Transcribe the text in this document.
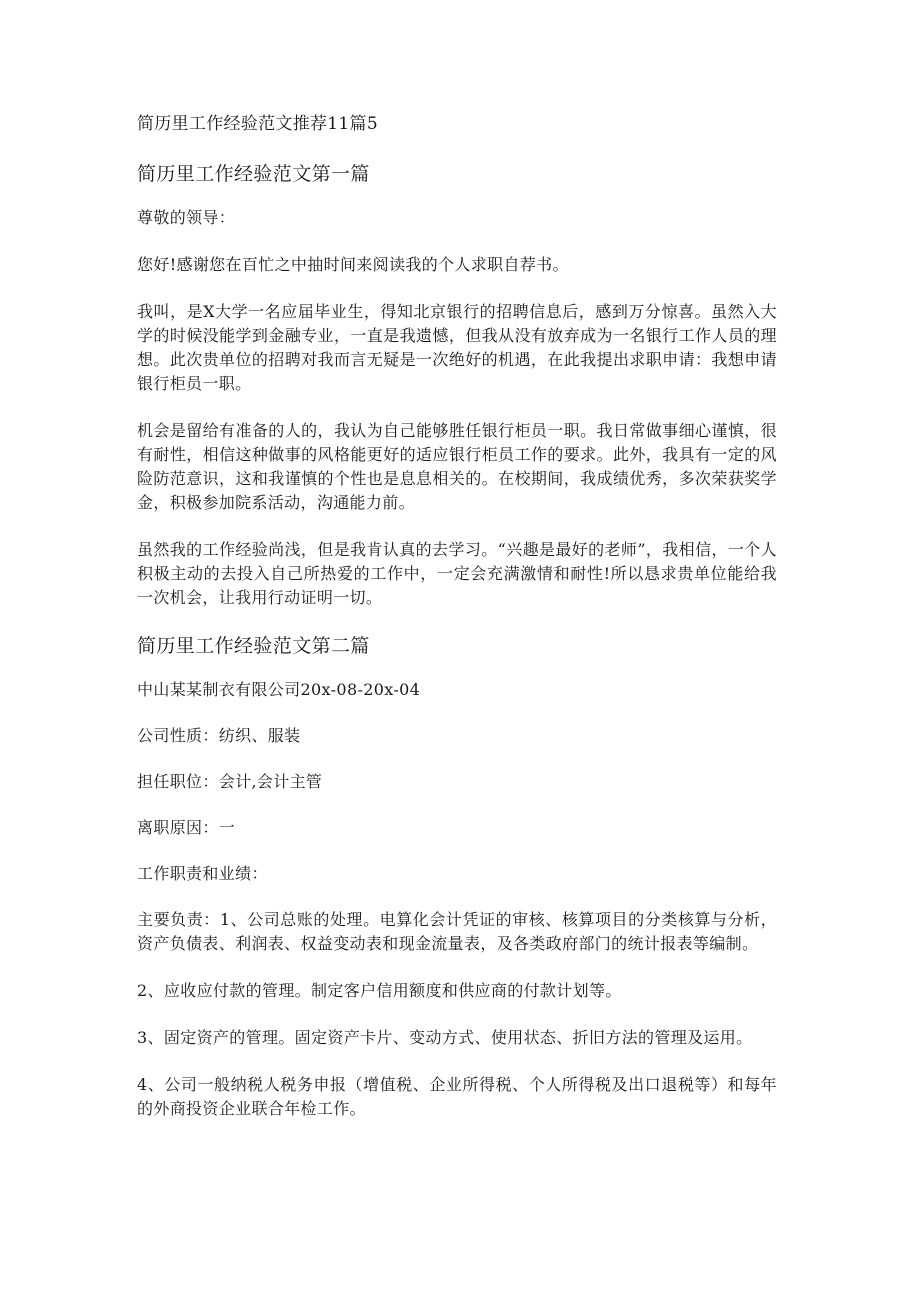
简历里工作经验范文推荐11篇5
简历里工作经验范文第一篇

尊敬的领导：

您好!感谢您在百忙之中抽时间来阅读我的个人求职自荐书。

我叫，是X大学一名应届毕业生，得知北京银行的招聘信息后，感到万分惊喜。虽然入大学的时候没能学到金融专业，一直是我遗憾，但我从没有放弃成为一名银行工作人员的理想。此次贵单位的招聘对我而言无疑是一次绝好的机遇，在此我提出求职申请：我想申请银行柜员一职。

机会是留给有准备的人的，我认为自己能够胜任银行柜员一职。我日常做事细心谨慎，很有耐性，相信这种做事的风格能更好的适应银行柜员工作的要求。此外，我具有一定的风险防范意识，这和我谨慎的个性也是息息相关的。在校期间，我成绩优秀，多次荣获奖学金，积极参加院系活动，沟通能力前。

虽然我的工作经验尚浅，但是我肯认真的去学习。“兴趣是最好的老师”，我相信，一个人积极主动的去投入自己所热爱的工作中，一定会充满激情和耐性!所以恳求贵单位能给我一次机会，让我用行动证明一切。

简历里工作经验范文第二篇

中山某某制衣有限公司20x-08-20x-04

公司性质：纺织、服装

担任职位：会计,会计主管

离职原因：一

工作职责和业绩：

主要负责：1、公司总账的处理。电算化会计凭证的审核、核算项目的分类核算与分析，资产负债表、利润表、权益变动表和现金流量表，及各类政府部门的统计报表等编制。

2、应收应付款的管理。制定客户信用额度和供应商的付款计划等。

3、固定资产的管理。固定资产卡片、变动方式、使用状态、折旧方法的管理及运用。

4、公司一般纳税人税务申报（增值税、企业所得税、个人所得税及出口退税等）和每年的外商投资企业联合年检工作。
